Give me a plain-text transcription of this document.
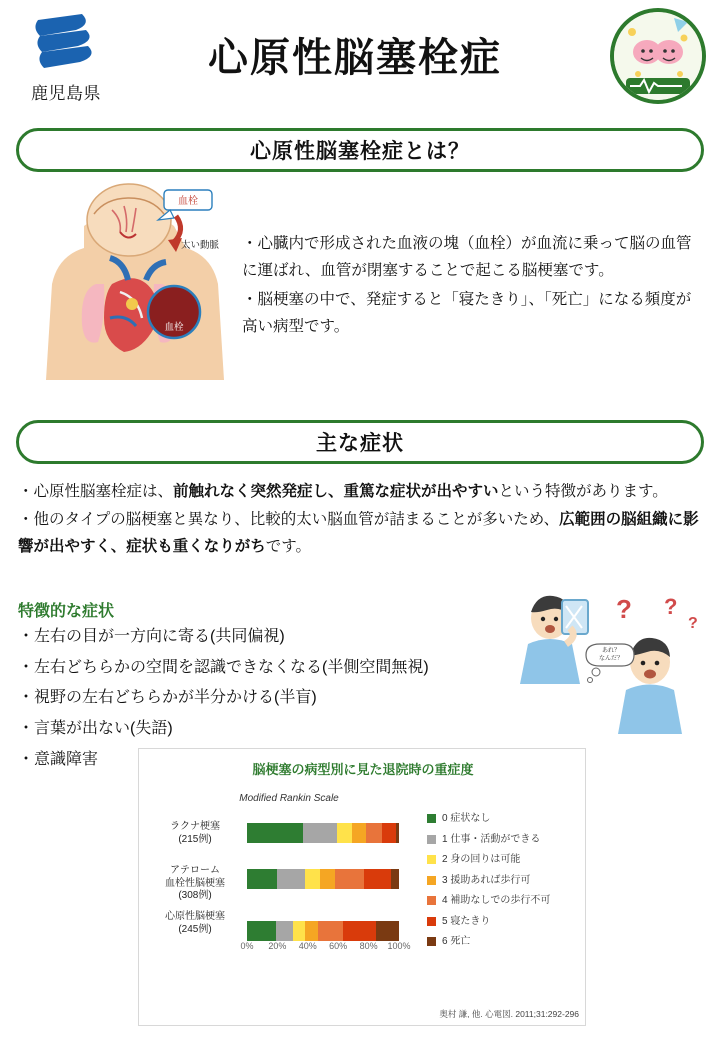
鹿児島県
心原性脳塞栓症
心原性脳塞栓症とは？
血栓
太い動脈
血栓

・心臓内で形成された血液の塊（血栓）が血流に乗って脳の血管に運ばれ、血管が閉塞することで起こる脳梗塞です。

・脳梗塞の中で、発症すると「寝たきり」、「死亡」になる頻度が高い病型です。

主な症状

・心原性脳塞栓症は、前触れなく突然発症し、重篤な症状が出やすいという特徴があります。

・他のタイプの脳梗塞と異なり、比較的太い脳血管が詰まることが多いため、広範囲の脳組織に影響が出やすく、症状も重くなりがちです。

特徴的な症状
・左右の目が一方向に寄る(共同偏視)
・左右どちらかの空間を認識できなくなる(半側空間無視)
・視野の左右どちらかが半分かける(半盲)
・言葉が出ない(失語)
・意識障害
あれ？
なんだ？
? ?
?
脳梗塞の病型別に見た退院時の重症度
Modified Rankin Scale
ラクナ梗塞
(215例)
アテローム
血栓性脳梗塞
(308例)
心原性脳梗塞
(245例)
0%	20%	40%	60%	80%	100%
0 症状なし
1 仕事・活動ができる
2 身の回りは可能
3 援助あれば歩行可
4 補助なしでの歩行不可
5 寝たきり
6 死亡
奥村 謙, 他. 心電図. 2011;31:292-296
